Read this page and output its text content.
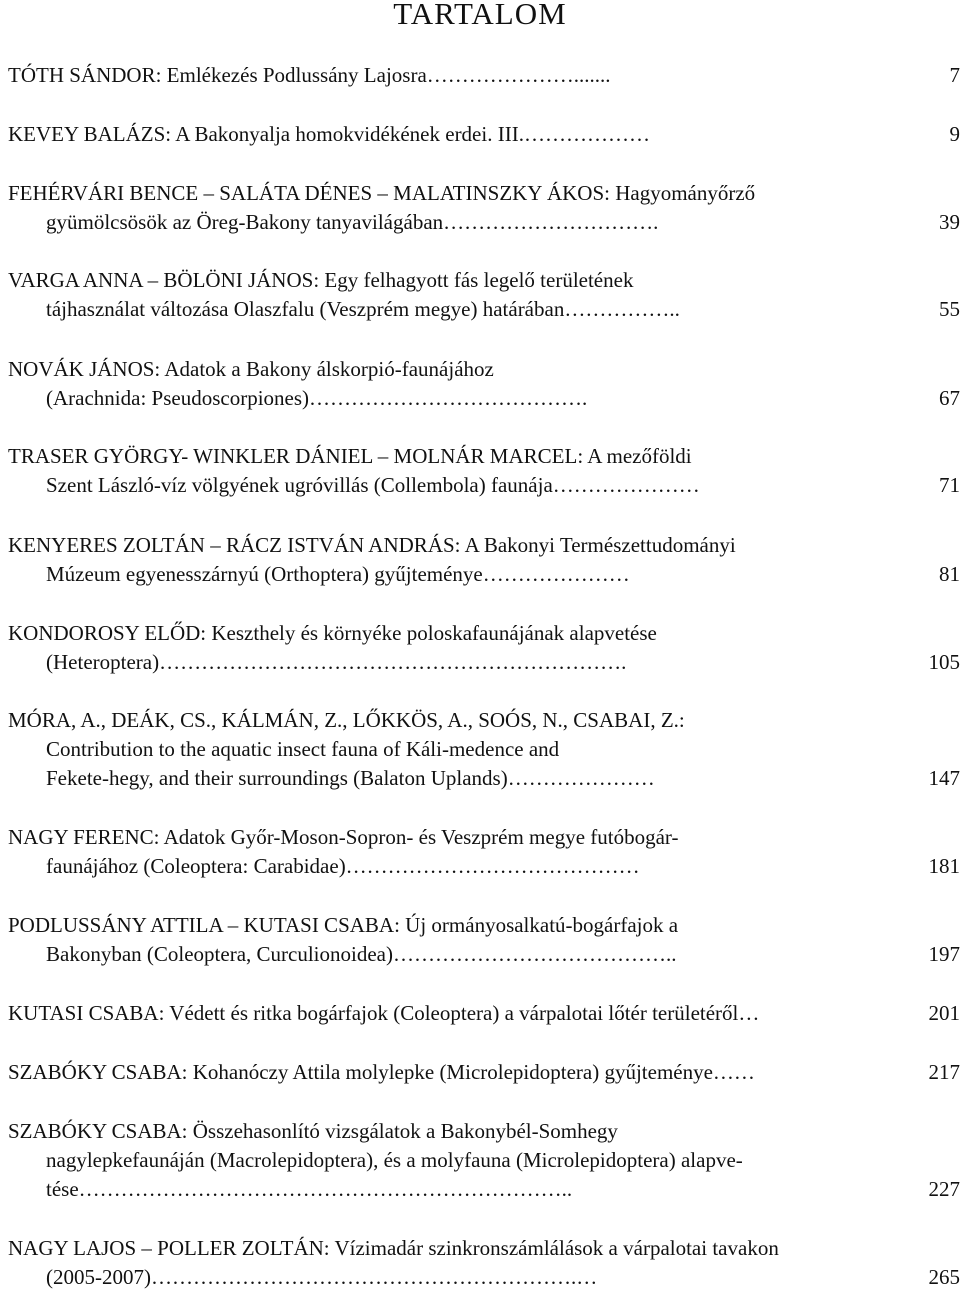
TARTALOM
TÓTH SÁNDOR: Emlékezés Podlussány Lajosra………………….......	7
KEVEY BALÁZS: A Bakonyalja homokvidékének erdei. III.………………	9
FEHÉRVÁRI BENCE – SALÁTA DÉNES – MALATINSZKY ÁKOS: Hagyományőrző
gyümölcsösök az Öreg-Bakony tanyavilágában………………………….	39
VARGA ANNA – BÖLÖNI JÁNOS: Egy felhagyott fás legelő területének
tájhasználat változása Olaszfalu (Veszprém megye) határában……………..	55
NOVÁK JÁNOS: Adatok a Bakony álskorpió-faunájához
(Arachnida: Pseudoscorpiones)………………………………….	67
TRASER GYÖRGY- WINKLER DÁNIEL – MOLNÁR MARCEL: A mezőföldi
Szent László-víz völgyének ugróvillás (Collembola) faunája…………………	71
KENYERES ZOLTÁN – RÁCZ ISTVÁN ANDRÁS: A Bakonyi Természettudományi
Múzeum egyenesszárnyú (Orthoptera) gyűjteménye…………………	81
KONDOROSY ELŐD: Keszthely és környéke poloskafaunájának alapvetése
(Heteroptera)………………………………………………………….	105
MÓRA, A., DEÁK, CS., KÁLMÁN, Z., LŐKKÖS, A., SOÓS, N., CSABAI, Z.:
Contribution to the aquatic insect fauna of Káli-medence and
Fekete-hegy, and their surroundings (Balaton Uplands)…………………	147
NAGY FERENC: Adatok Győr-Moson-Sopron- és Veszprém megye futóbogár-
faunájához (Coleoptera: Carabidae)……………………………………	181
PODLUSSÁNY ATTILA – KUTASI CSABA: Új ormányosalkatú-bogárfajok a
Bakonyban (Coleoptera, Curculionoidea)…………………………………..	197
KUTASI CSABA: Védett és ritka bogárfajok (Coleoptera) a várpalotai lőtér területéről…	201
SZABÓKY CSABA: Kohanóczy Attila molylepke (Microlepidoptera) gyűjteménye……	217
SZABÓKY CSABA: Összehasonlító vizsgálatok a Bakonybél-Somhegy
nagylepkefaunáján (Macrolepidoptera), és a molyfauna (Microlepidoptera) alapve-
tése……………………………………………………………..	227
NAGY LAJOS – POLLER ZOLTÁN: Vízimadár szinkronszámlálások a várpalotai tavakon
(2005-2007)…………………………………………………….…	265
